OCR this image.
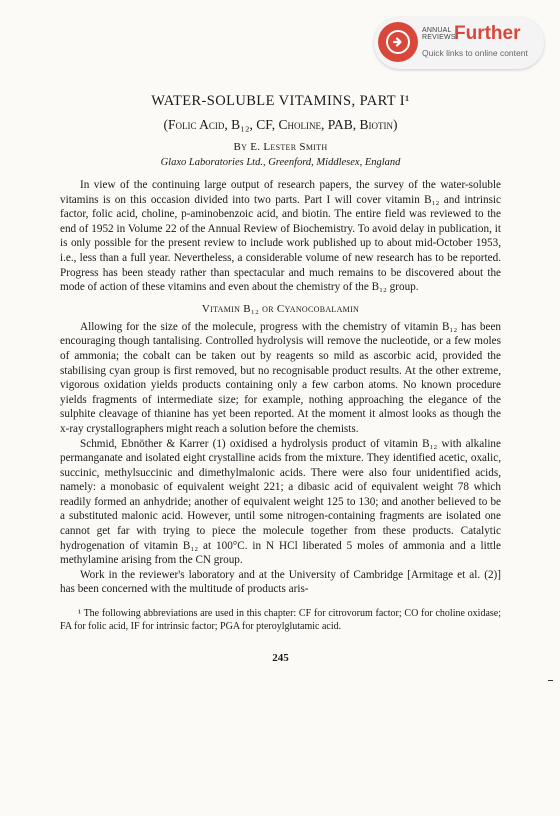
ANNUAL REVIEWS
Further
Quick links to online content
WATER-SOLUBLE VITAMINS, PART I¹
(Folic Acid, B₁₂, CF, Choline, PAB, Biotin)
By E. Lester Smith
Glaxo Laboratories Ltd., Greenford, Middlesex, England

In view of the continuing large output of research papers, the survey of the water-soluble vitamins is on this occasion divided into two parts. Part I will cover vitamin B₁₂ and intrinsic factor, folic acid, choline, p-aminobenzoic acid, and biotin. The entire field was reviewed to the end of 1952 in Volume 22 of the Annual Review of Biochemistry. To avoid delay in publication, it is only possible for the present review to include work published up to about mid-October 1953, i.e., less than a full year. Nevertheless, a considerable volume of new research has to be reported. Progress has been steady rather than spectacular and much remains to be discovered about the mode of action of these vitamins and even about the chemistry of the B₁₂ group.

Vitamin B₁₂ or Cyanocobalamin

Allowing for the size of the molecule, progress with the chemistry of vitamin B₁₂ has been encouraging though tantalising. Controlled hydrolysis will remove the nucleotide, or a few moles of ammonia; the cobalt can be taken out by reagents so mild as ascorbic acid, provided the stabilising cyan group is first removed, but no recognisable product results. At the other extreme, vigorous oxidation yields products containing only a few carbon atoms. No known procedure yields fragments of intermediate size; for example, nothing approaching the elegance of the sulphite cleavage of thianine has yet been reported. At the moment it almost looks as though the x-ray crystallographers might reach a solution before the chemists.

Schmid, Ebnöther & Karrer (1) oxidised a hydrolysis product of vitamin B₁₂ with alkaline permanganate and isolated eight crystalline acids from the mixture. They identified acetic, oxalic, succinic, methylsuccinic and dimethylmalonic acids. There were also four unidentified acids, namely: a monobasic of equivalent weight 221; a dibasic acid of equivalent weight 78 which readily formed an anhydride; another of equivalent weight 125 to 130; and another believed to be a substituted malonic acid. However, until some nitrogen-containing fragments are isolated one cannot get far with trying to piece the molecule together from these products. Catalytic hydrogenation of vitamin B₁₂ at 100°C. in N HCl liberated 5 moles of ammonia and a little methylamine arising from the CN group.

Work in the reviewer's laboratory and at the University of Cambridge [Armitage et al. (2)] has been concerned with the multitude of products aris-

¹ The following abbreviations are used in this chapter: CF for citrovorum factor; CO for choline oxidase; FA for folic acid, IF for intrinsic factor; PGA for pteroylglutamic acid.

245
